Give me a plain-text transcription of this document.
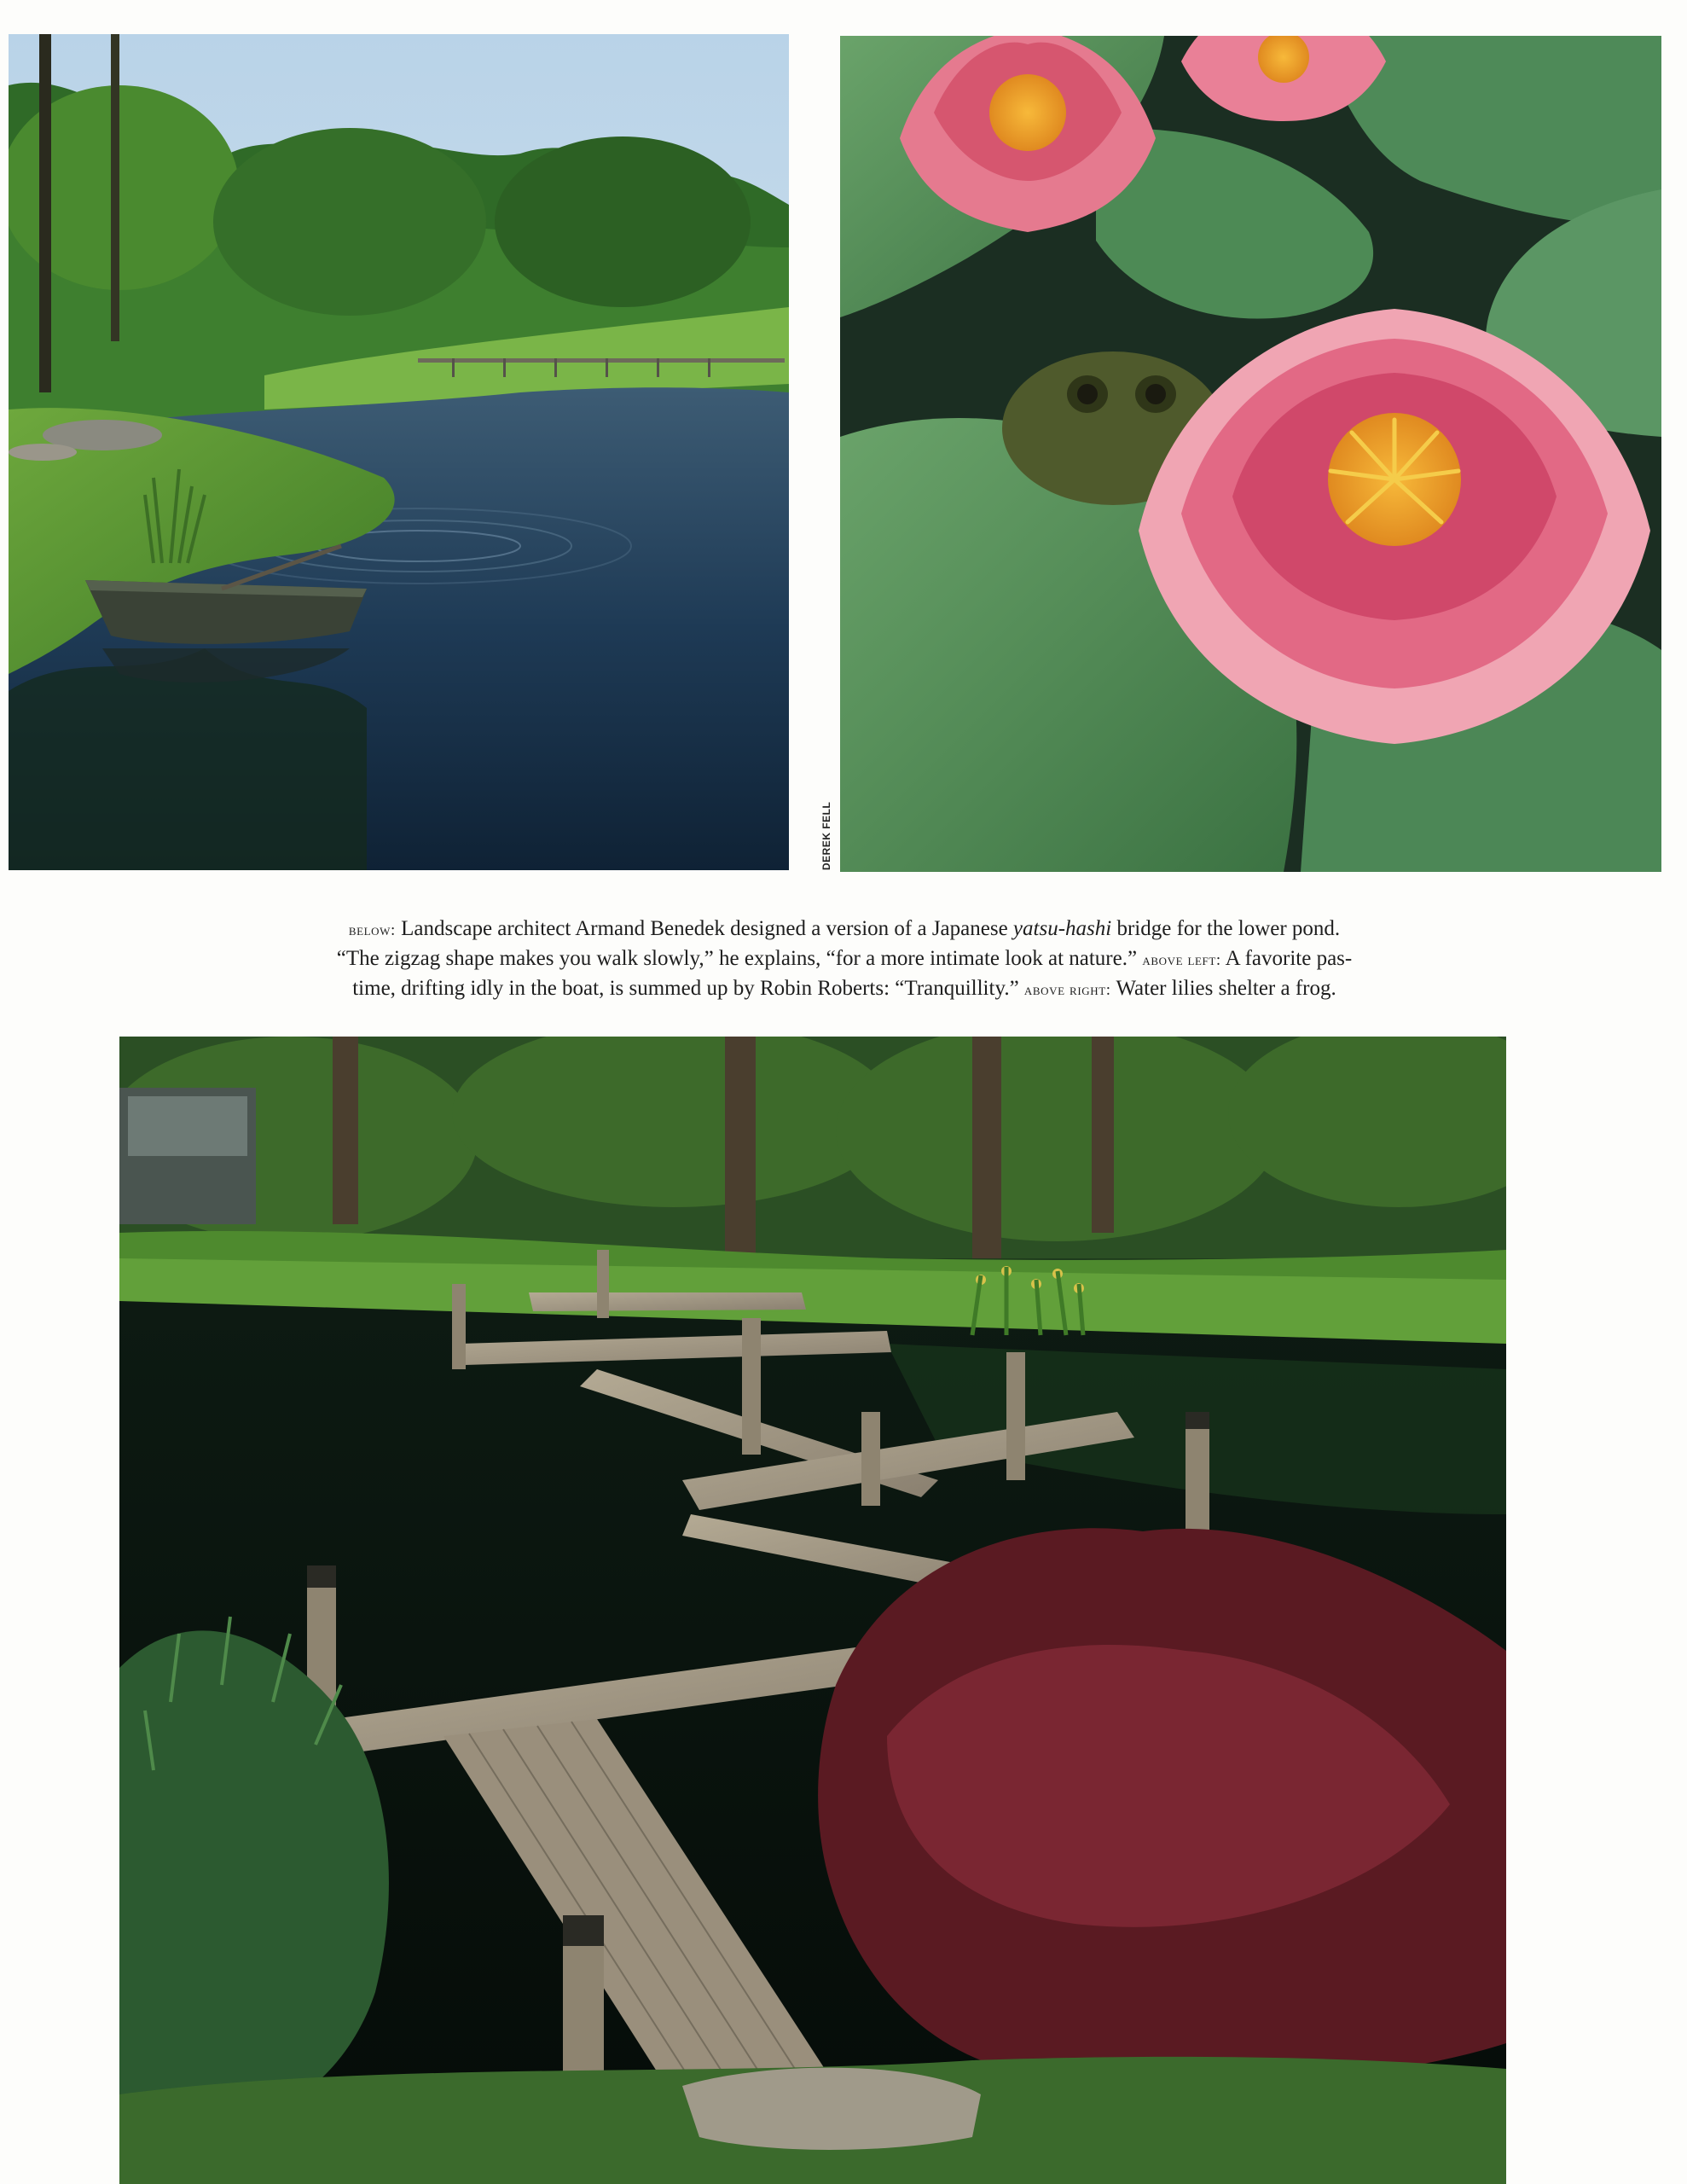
DEREK FELL
below: Landscape architect Armand Benedek designed a version of a Japanese yatsu-hashi bridge for the lower pond.
“The zigzag shape makes you walk slowly,” he explains, “for a more intimate look at nature.” above left: A favorite pas-
time, drifting idly in the boat, is summed up by Robin Roberts: “Tranquillity.” above right: Water lilies shelter a frog.
